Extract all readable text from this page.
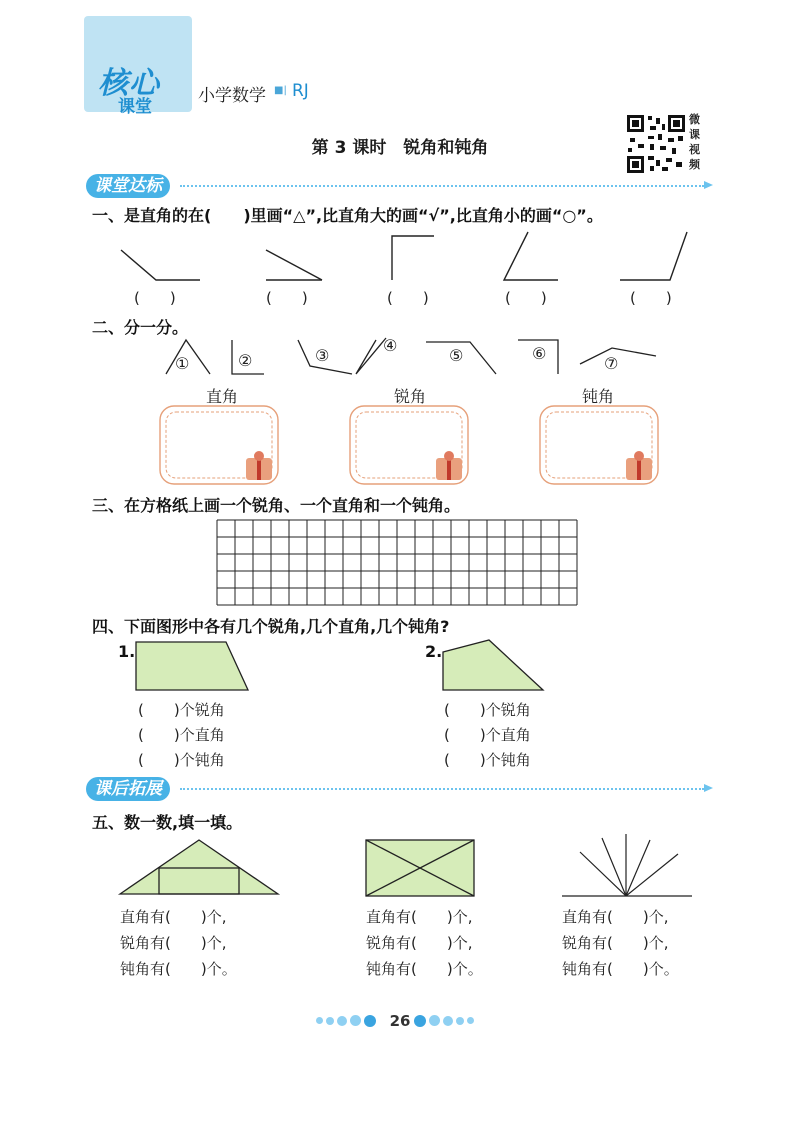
核心
课堂
小学数学 ■| RJ
第 3 课时　锐角和钝角
微课视频
课堂达标
一、是直角的在(　　)里画“△”,比直角大的画“√”,比直角小的画“○”。
(　　)	(　　)	(　　)	(　　)	(　　)
二、分一分。
①	②	③
④
⑤	⑥
⑦
直角	锐角	钝角
三、在方格纸上画一个锐角、一个直角和一个钝角。
四、下面图形中各有几个锐角,几个直角,几个钝角?
1.	2.
(　　)个锐角
(　　)个直角
(　　)个钝角
(　　)个锐角
(　　)个直角
(　　)个钝角
课后拓展
五、数一数,填一填。
直角有(　　)个,
锐角有(　　)个,
钝角有(　　)个。
直角有(　　)个,
锐角有(　　)个,
钝角有(　　)个。
直角有(　　)个,
锐角有(　　)个,
钝角有(　　)个。
26
